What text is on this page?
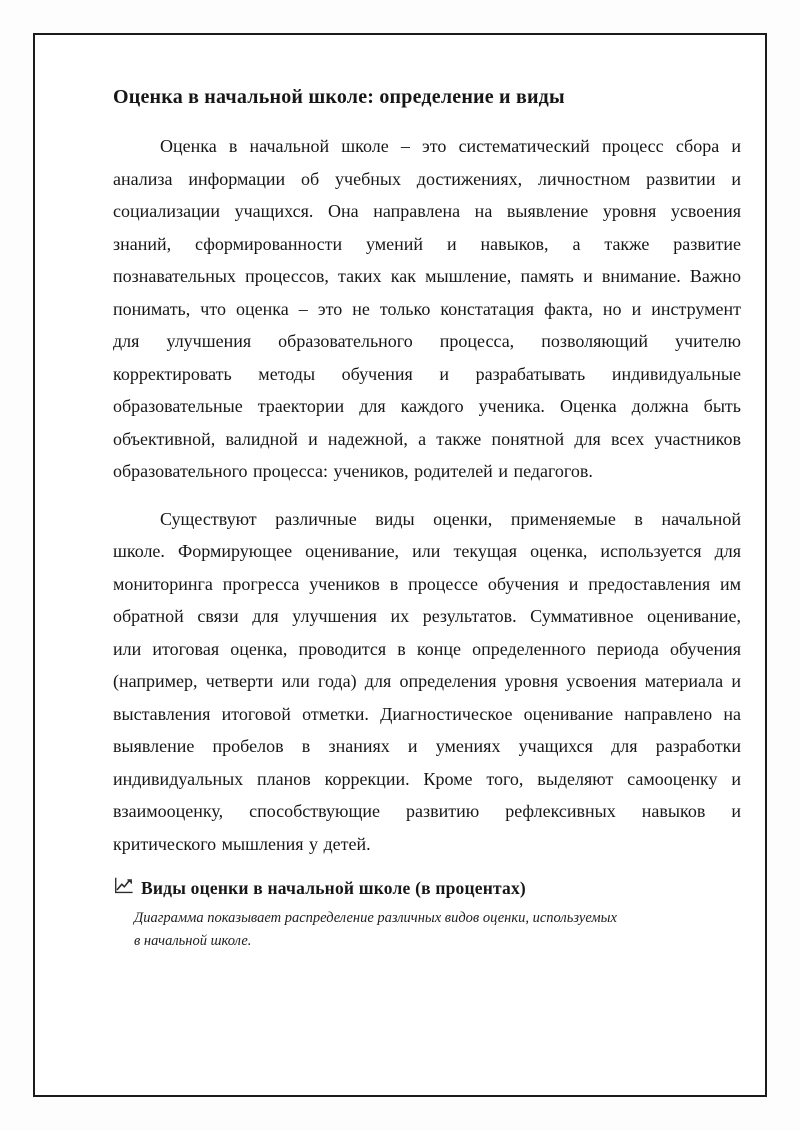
Оценка в начальной школе: определение и виды
Оценка в начальной школе – это систематический процесс сбора и
анализа информации об учебных достижениях, личностном развитии и
социализации учащихся. Она направлена на выявление уровня усвоения
знаний, сформированности умений и навыков, а также развитие
познавательных процессов, таких как мышление, память и внимание. Важно
понимать, что оценка – это не только констатация факта, но и инструмент
для улучшения образовательного процесса, позволяющий учителю
корректировать методы обучения и разрабатывать индивидуальные
образовательные траектории для каждого ученика. Оценка должна быть
объективной, валидной и надежной, а также понятной для всех участников
образовательного процесса: учеников, родителей и педагогов.
Существуют различные виды оценки, применяемые в начальной
школе. Формирующее оценивание, или текущая оценка, используется для
мониторинга прогресса учеников в процессе обучения и предоставления им
обратной связи для улучшения их результатов. Суммативное оценивание,
или итоговая оценка, проводится в конце определенного периода обучения
(например, четверти или года) для определения уровня усвоения материала и
выставления итоговой отметки. Диагностическое оценивание направлено на
выявление пробелов в знаниях и умениях учащихся для разработки
индивидуальных планов коррекции. Кроме того, выделяют самооценку и
взаимооценку, способствующие развитию рефлексивных навыков и
критического мышления у детей.
Виды оценки в начальной школе (в процентах)
Диаграмма показывает распределение различных видов оценки, используемых в начальной школе.
